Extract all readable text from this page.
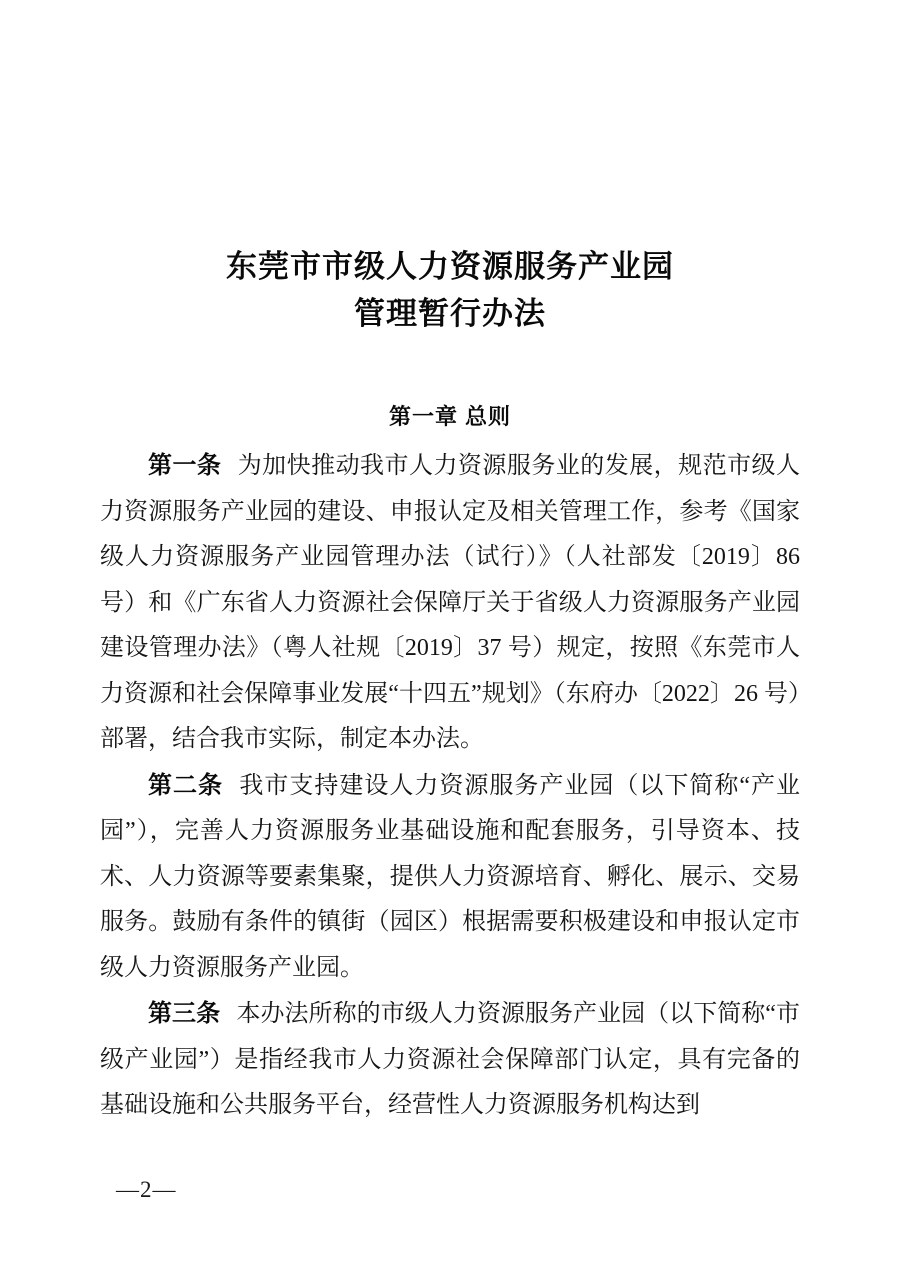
东莞市市级人力资源服务产业园
管理暂行办法
第一章 总则

第一条 为加快推动我市人力资源服务业的发展，规范市级人力资源服务产业园的建设、申报认定及相关管理工作，参考《国家级人力资源服务产业园管理办法（试行）》（人社部发〔2019〕86 号）和《广东省人力资源社会保障厅关于省级人力资源服务产业园建设管理办法》（粤人社规〔2019〕37 号）规定，按照《东莞市人力资源和社会保障事业发展“十四五”规划》（东府办〔2022〕26 号）部署，结合我市实际，制定本办法。

第二条 我市支持建设人力资源服务产业园（以下简称“产业园”），完善人力资源服务业基础设施和配套服务，引导资本、技术、人力资源等要素集聚，提供人力资源培育、孵化、展示、交易服务。鼓励有条件的镇街（园区）根据需要积极建设和申报认定市级人力资源服务产业园。

第三条 本办法所称的市级人力资源服务产业园（以下简称“市级产业园”）是指经我市人力资源社会保障部门认定，具有完备的基础设施和公共服务平台，经营性人力资源服务机构达到

—2—
